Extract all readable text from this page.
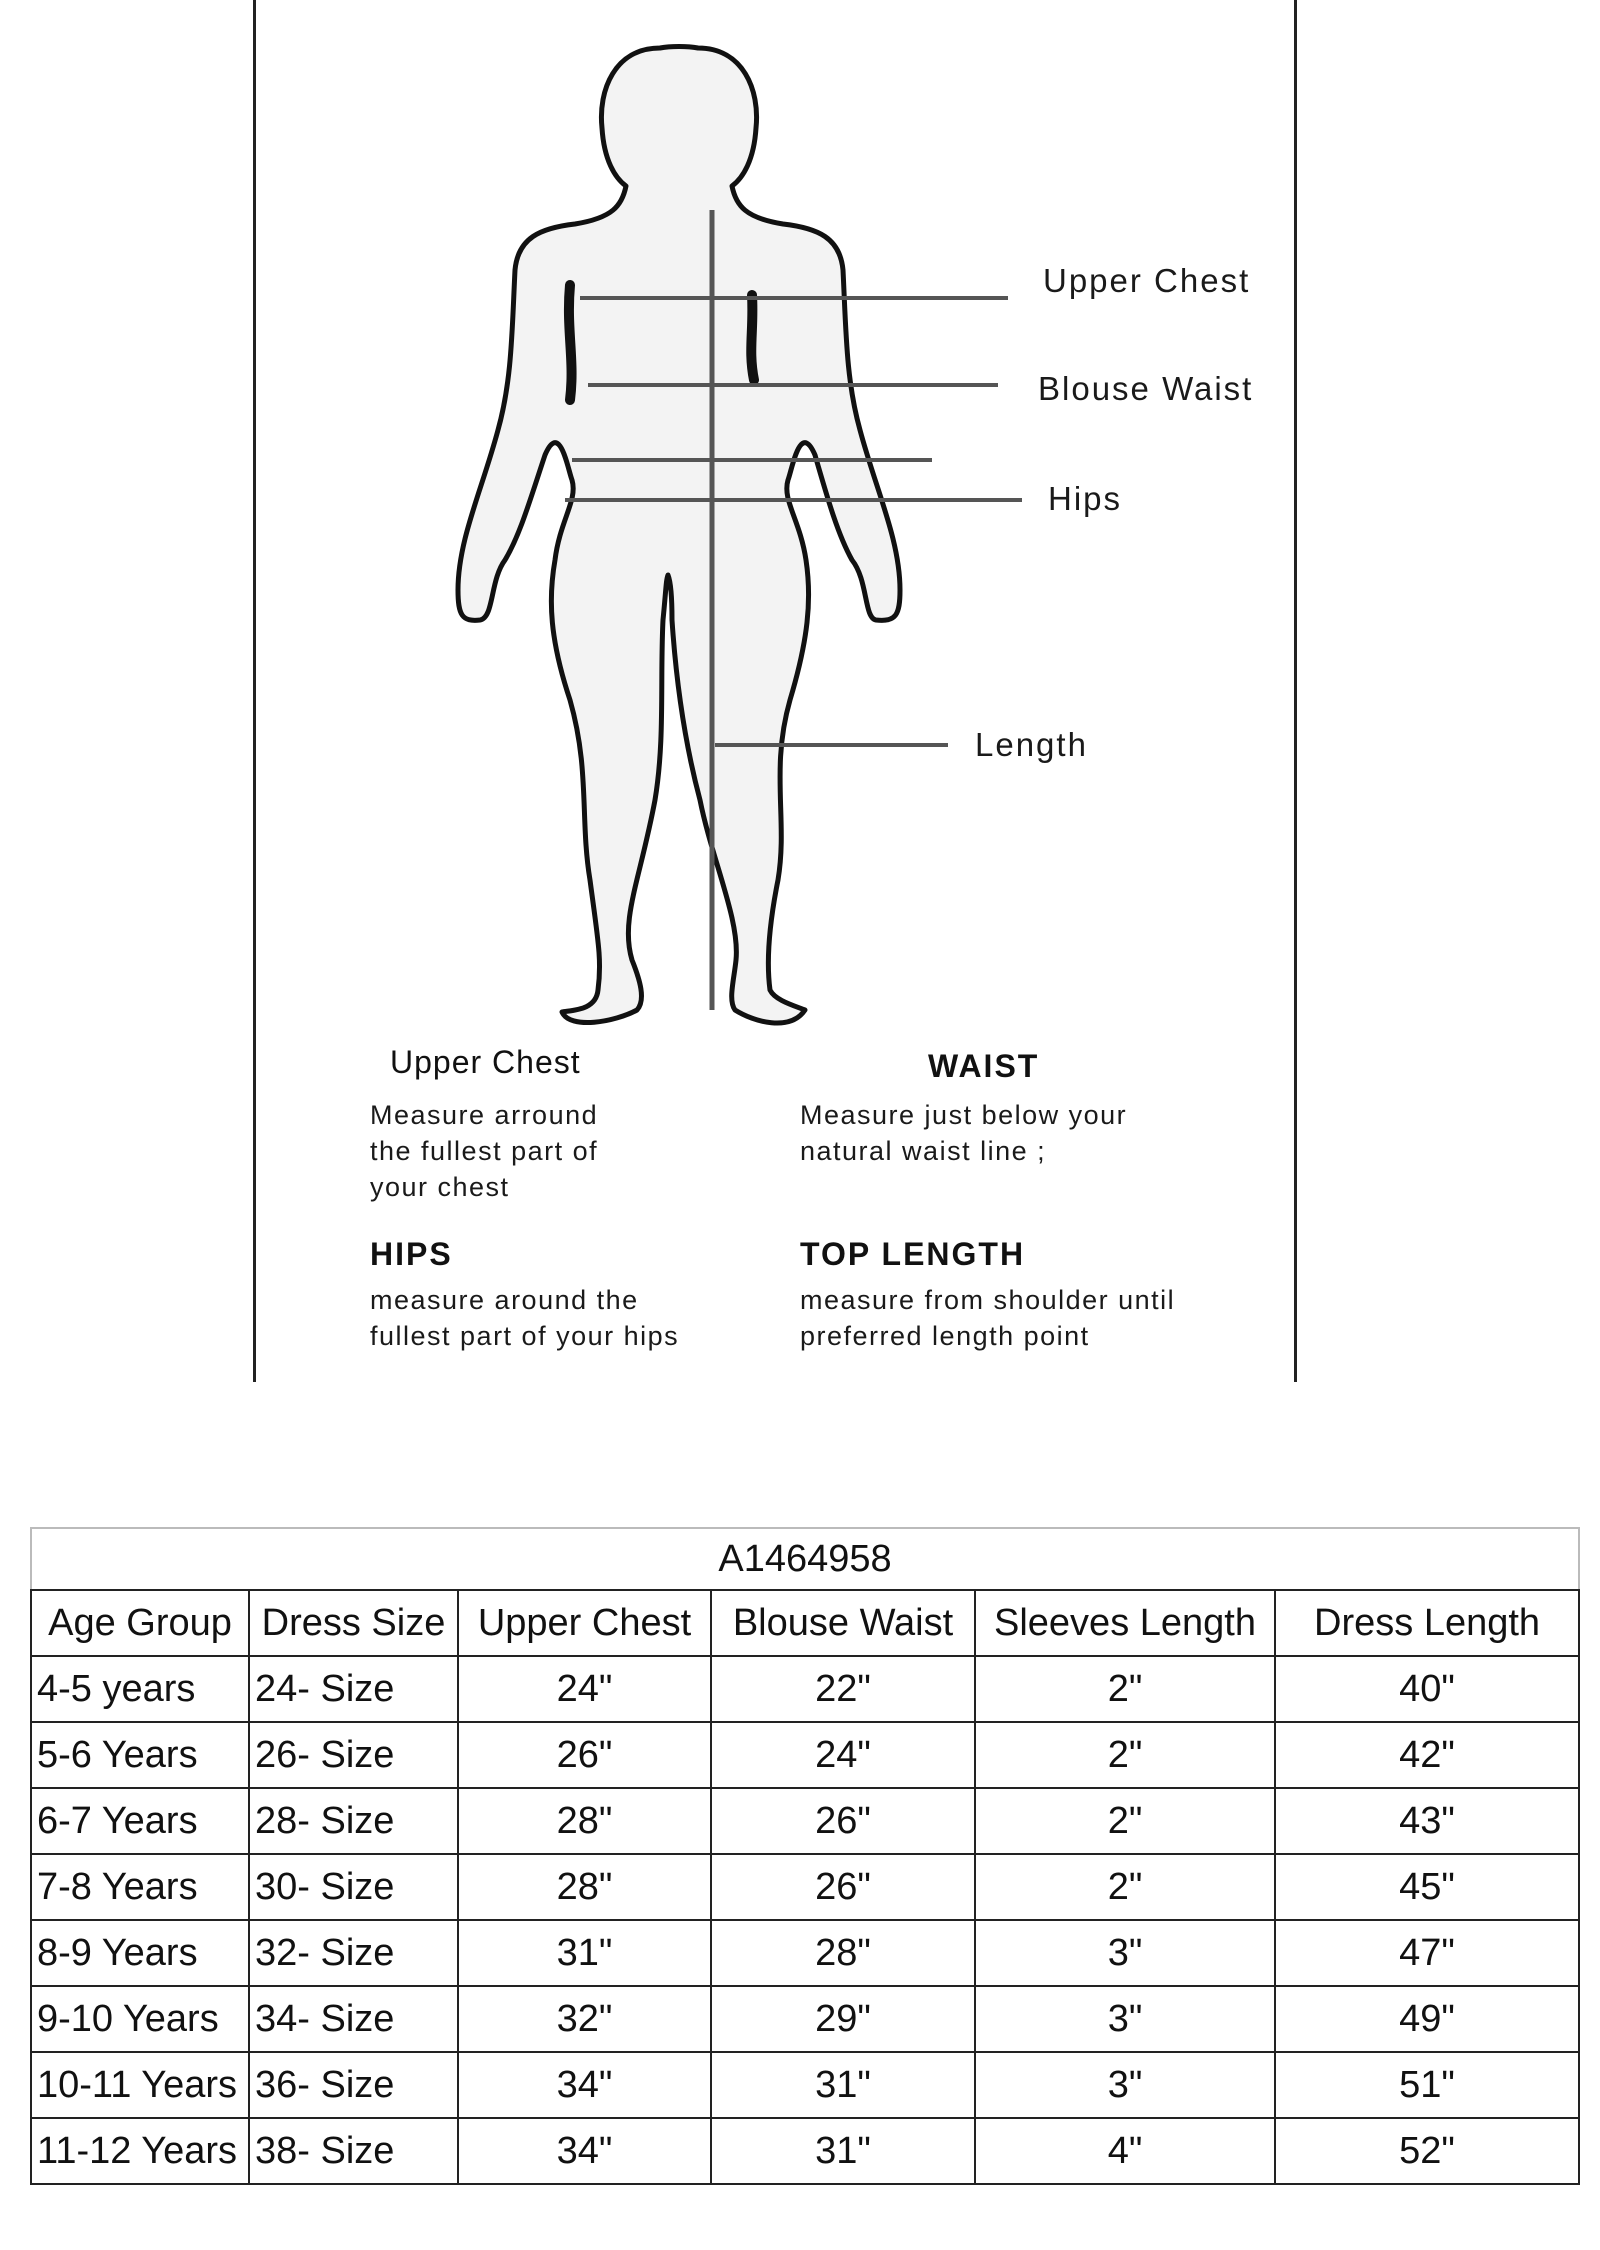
Upper Chest
Blouse Waist
Hips
Length
Upper Chest
Measure arround
the fullest part of
your chest
WAIST
Measure just below your
natural waist line ;
HIPS
measure around the
fullest part of your hips
TOP LENGTH
measure from shoulder until
preferred length point
A1464958					
Age Group	Dress Size	Upper Chest	Blouse Waist	Sleeves Length	Dress Length
4-5 years	24- Size	24"	22"	2"	40"
5-6 Years	26- Size	26"	24"	2"	42"
6-7 Years	28- Size	28"	26"	2"	43"
7-8 Years	30- Size	28"	26"	2"	45"
8-9 Years	32- Size	31"	28"	3"	47"
9-10 Years	34- Size	32"	29"	3"	49"
10-11 Years	36- Size	34"	31"	3"	51"
11-12 Years	38- Size	34"	31"	4"	52"
